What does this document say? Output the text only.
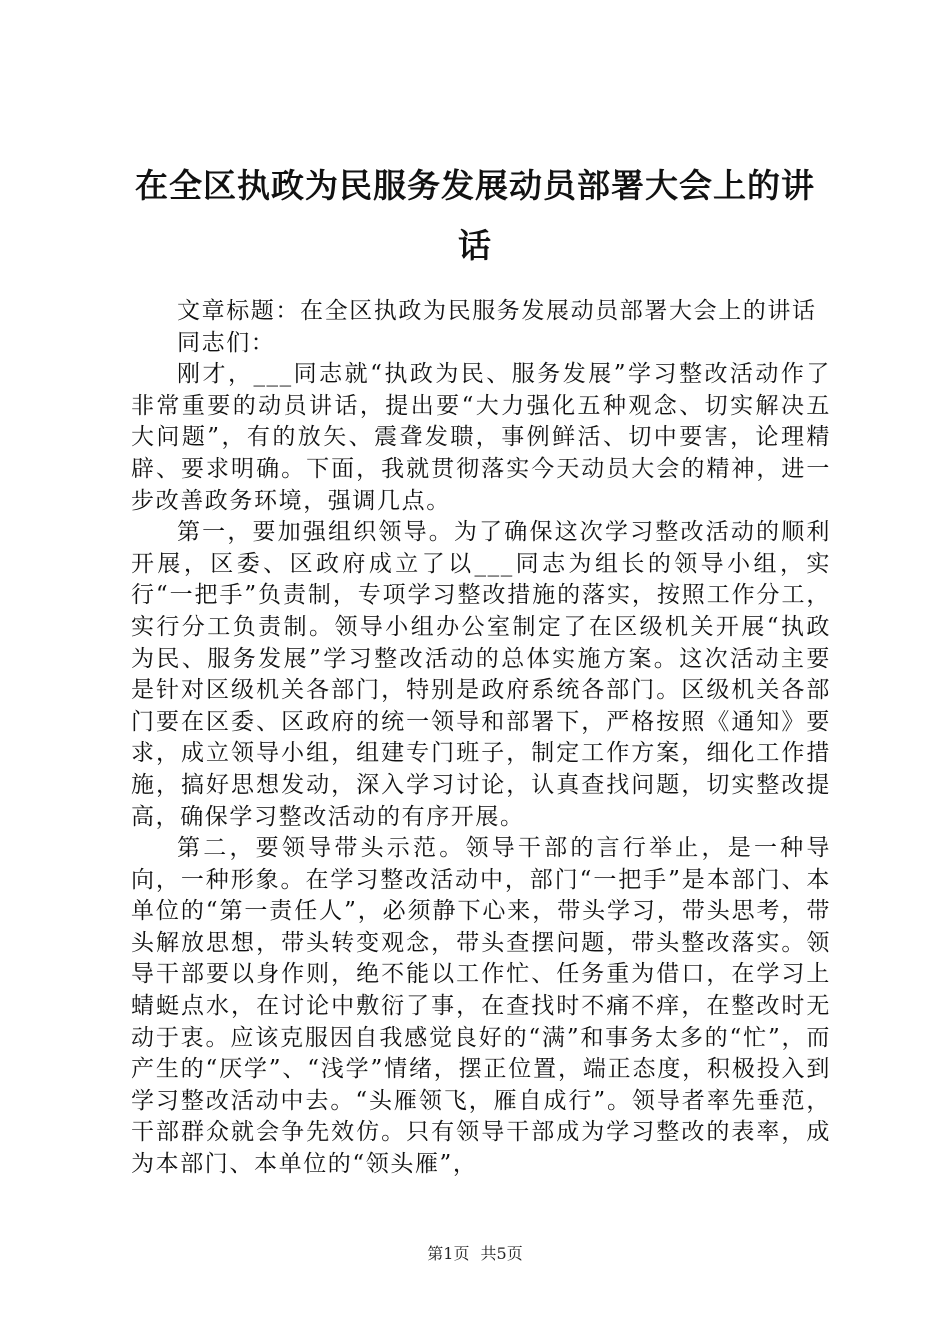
在全区执政为民服务发展动员部署大会上的讲话

文章标题：在全区执政为民服务发展动员部署大会上的讲话

同志们：

刚才，___同志就“执政为民、服务发展”学习整改活动作了非常重要的动员讲话，提出要“大力强化五种观念、切实解决五大问题”，有的放矢、震聋发聩，事例鲜活、切中要害，论理精辟、要求明确。下面，我就贯彻落实今天动员大会的精神，进一步改善政务环境，强调几点。

第一，要加强组织领导。为了确保这次学习整改活动的顺利开展，区委、区政府成立了以___同志为组长的领导小组，实行“一把手”负责制，专项学习整改措施的落实，按照工作分工，实行分工负责制。领导小组办公室制定了在区级机关开展“执政为民、服务发展”学习整改活动的总体实施方案。这次活动主要是针对区级机关各部门，特别是政府系统各部门。区级机关各部门要在区委、区政府的统一领导和部署下，严格按照《通知》要求，成立领导小组，组建专门班子，制定工作方案，细化工作措施，搞好思想发动，深入学习讨论，认真查找问题，切实整改提高，确保学习整改活动的有序开展。

第二，要领导带头示范。领导干部的言行举止，是一种导向，一种形象。在学习整改活动中，部门“一把手”是本部门、本单位的“第一责任人”，必须静下心来，带头学习，带头思考，带头解放思想，带头转变观念，带头查摆问题，带头整改落实。领导干部要以身作则，绝不能以工作忙、任务重为借口，在学习上蜻蜓点水，在讨论中敷衍了事，在查找时不痛不痒，在整改时无动于衷。应该克服因自我感觉良好的“满”和事务太多的“忙”，而产生的“厌学”、“浅学”情绪，摆正位置，端正态度，积极投入到学习整改活动中去。“头雁领飞，雁自成行”。领导者率先垂范，干部群众就会争先效仿。只有领导干部成为学习整改的表率，成为本部门、本单位的“领头雁”，

第1页 共5页
